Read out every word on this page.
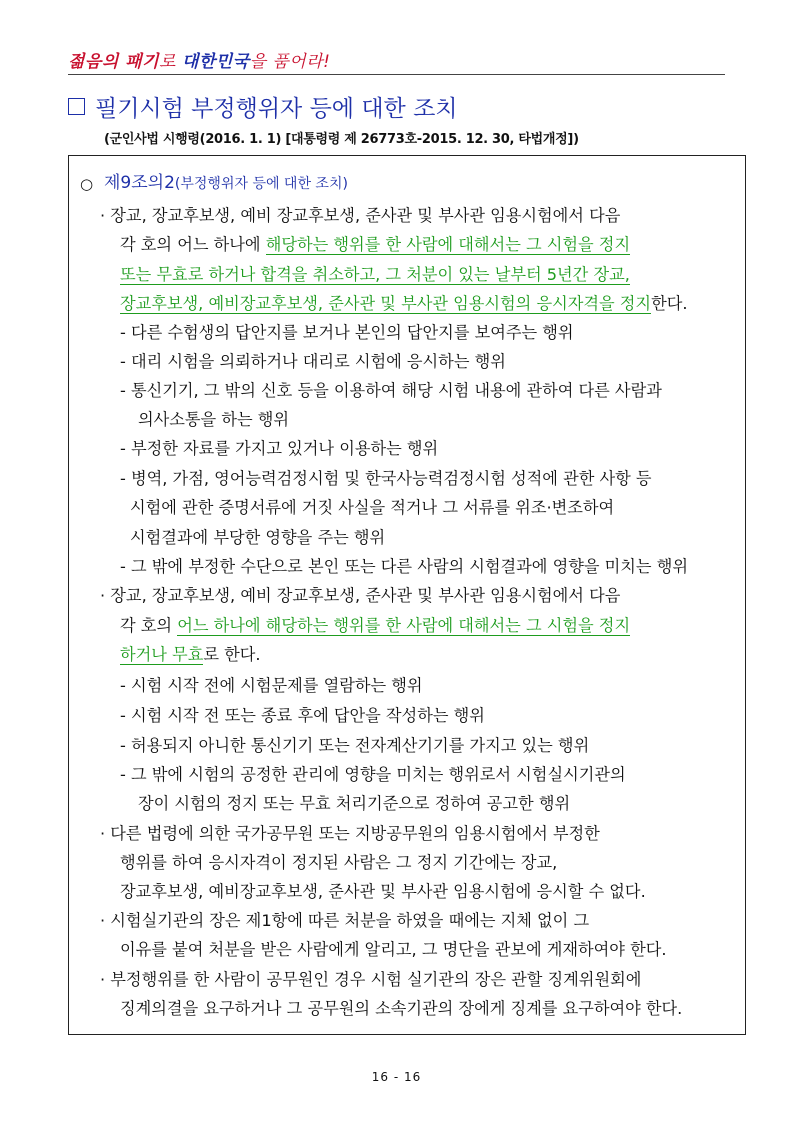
젊음의 패기로 대한민국을 품어라!
필기시험 부정행위자 등에 대한 조치
(군인사법 시행령(2016. 1. 1) [대통령령 제 26773호-2015. 12. 30, 타법개정])
○ 제9조의2(부정행위자 등에 대한 조치)
· 장교, 장교후보생, 예비 장교후보생, 준사관 및 부사관 임용시험에서 다음
각 호의 어느 하나에 해당하는 행위를 한 사람에 대해서는 그 시험을 정지
또는 무효로 하거나 합격을 취소하고, 그 처분이 있는 날부터 5년간 장교,
장교후보생, 예비장교후보생, 준사관 및 부사관 임용시험의 응시자격을 정지한다.
- 다른 수험생의 답안지를 보거나 본인의 답안지를 보여주는 행위
- 대리 시험을 의뢰하거나 대리로 시험에 응시하는 행위
- 통신기기, 그 밖의 신호 등을 이용하여 해당 시험 내용에 관하여 다른 사람과
의사소통을 하는 행위
- 부정한 자료를 가지고 있거나 이용하는 행위
- 병역, 가점, 영어능력검정시험 및 한국사능력검정시험 성적에 관한 사항 등
시험에 관한 증명서류에 거짓 사실을 적거나 그 서류를 위조·변조하여
시험결과에 부당한 영향을 주는 행위
- 그 밖에 부정한 수단으로 본인 또는 다른 사람의 시험결과에 영향을 미치는 행위
· 장교, 장교후보생, 예비 장교후보생, 준사관 및 부사관 임용시험에서 다음
각 호의 어느 하나에 해당하는 행위를 한 사람에 대해서는 그 시험을 정지
하거나 무효로 한다.
- 시험 시작 전에 시험문제를 열람하는 행위
- 시험 시작 전 또는 종료 후에 답안을 작성하는 행위
- 허용되지 아니한 통신기기 또는 전자계산기기를 가지고 있는 행위
- 그 밖에 시험의 공정한 관리에 영향을 미치는 행위로서 시험실시기관의
장이 시험의 정지 또는 무효 처리기준으로 정하여 공고한 행위
· 다른 법령에 의한 국가공무원 또는 지방공무원의 임용시험에서 부정한
행위를 하여 응시자격이 정지된 사람은 그 정지 기간에는 장교,
장교후보생, 예비장교후보생, 준사관 및 부사관 임용시험에 응시할 수 없다.
· 시험실기관의 장은 제1항에 따른 처분을 하였을 때에는 지체 없이 그
이유를 붙여 처분을 받은 사람에게 알리고, 그 명단을 관보에 게재하여야 한다.
· 부정행위를 한 사람이 공무원인 경우 시험 실기관의 장은 관할 징계위원회에
징계의결을 요구하거나 그 공무원의 소속기관의 장에게 징계를 요구하여야 한다.
16 - 16
